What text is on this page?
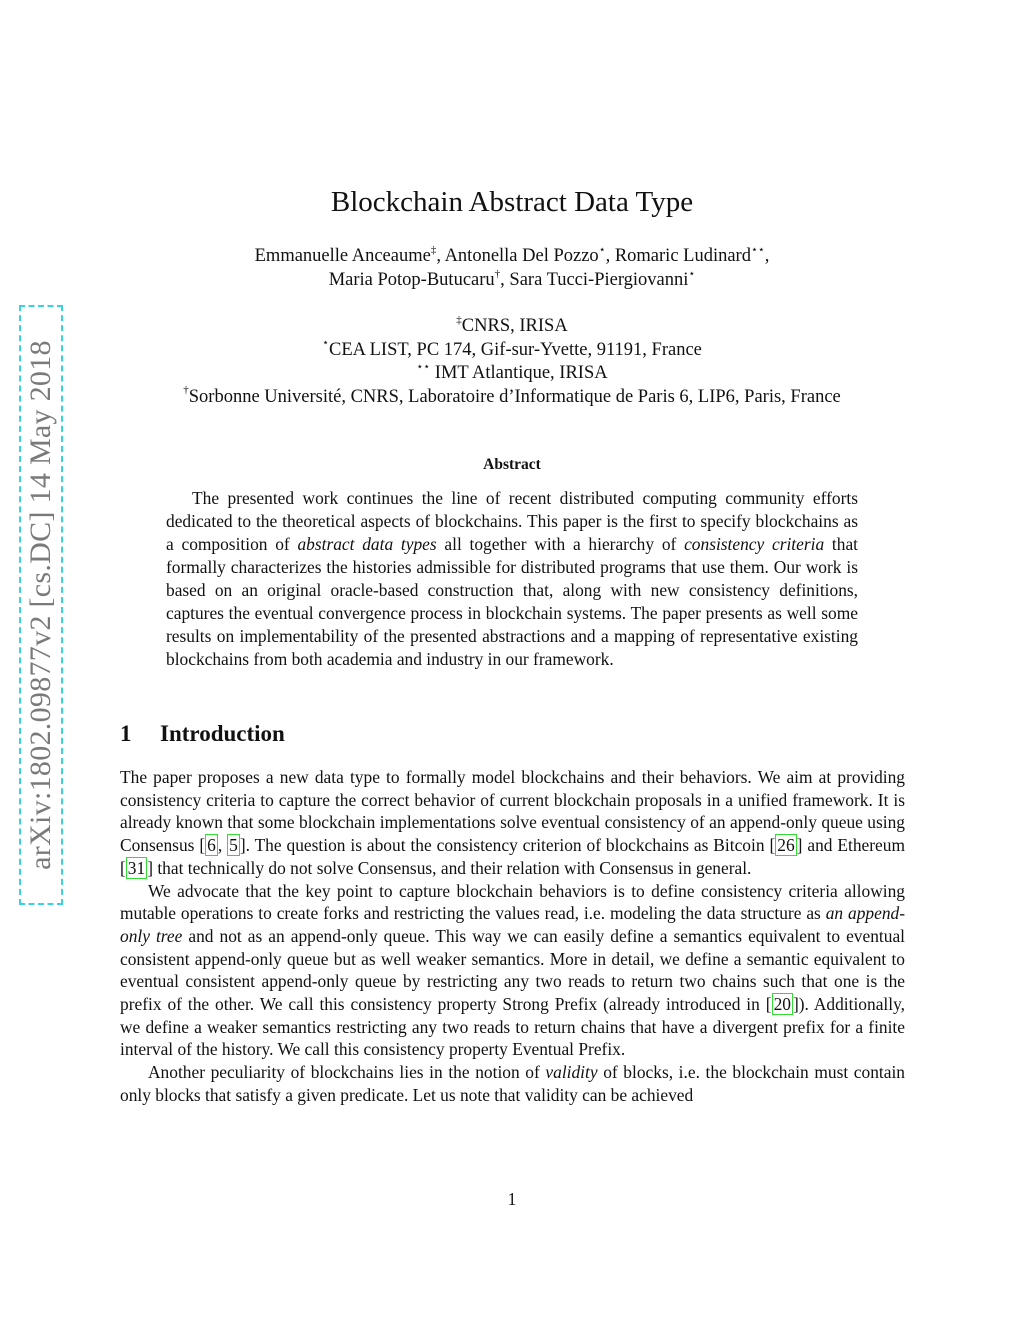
arXiv:1802.09877v2 [cs.DC] 14 May 2018
Blockchain Abstract Data Type
Emmanuelle Anceaume‡, Antonella Del Pozzo⋆, Romaric Ludinard⋆⋆,
Maria Potop-Butucaru†, Sara Tucci-Piergiovanni⋆
‡CNRS, IRISA
⋆CEA LIST, PC 174, Gif-sur-Yvette, 91191, France
⋆⋆ IMT Atlantique, IRISA
†Sorbonne Université, CNRS, Laboratoire d’Informatique de Paris 6, LIP6, Paris, France
Abstract
The presented work continues the line of recent distributed computing community efforts dedicated to the theoretical aspects of blockchains. This paper is the first to specify blockchains as a composition of abstract data types all together with a hierarchy of consistency criteria that formally characterizes the histories admissible for distributed programs that use them. Our work is based on an original oracle-based construction that, along with new consistency definitions, captures the eventual convergence process in blockchain systems. The paper presents as well some results on implementability of the presented abstractions and a mapping of representative existing blockchains from both academia and industry in our framework.
1 Introduction

The paper proposes a new data type to formally model blockchains and their behaviors. We aim at providing consistency criteria to capture the correct behavior of current blockchain proposals in a unified framework. It is already known that some blockchain implementations solve eventual consistency of an append-only queue using Consensus [ 6 , 5 ]. The question is about the consistency criterion of blockchains as Bitcoin [ 26 ] and Ethereum [ 31 ] that technically do not solve Consensus, and their relation with Consensus in general.

We advocate that the key point to capture blockchain behaviors is to define consistency criteria allowing mutable operations to create forks and restricting the values read, i.e. modeling the data structure as an append-only tree and not as an append-only queue. This way we can easily define a semantics equivalent to eventual consistent append-only queue but as well weaker semantics. More in detail, we define a semantic equivalent to eventual consistent append-only queue by restricting any two reads to return two chains such that one is the prefix of the other. We call this consistency property Strong Prefix (already introduced in [ 20 ]). Additionally, we define a weaker semantics restricting any two reads to return chains that have a divergent prefix for a finite interval of the history. We call this consistency property Eventual Prefix.

Another peculiarity of blockchains lies in the notion of validity of blocks, i.e. the blockchain must contain only blocks that satisfy a given predicate. Let us note that validity can be achieved

1
